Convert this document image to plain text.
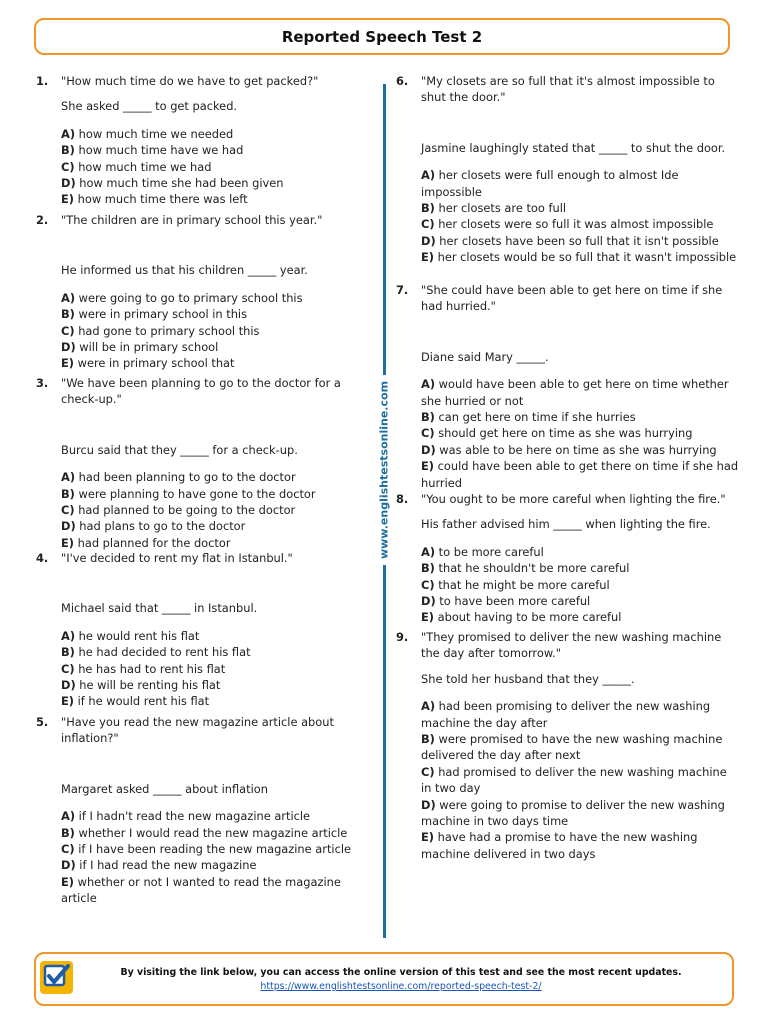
Reported Speech Test 2
www.englishtestsonline.com
1.	"How much time do we have to get packed?"

She asked _____ to get packed.

A) how much time we needed

B) how much time have we had

C) how much time we had

D) how much time she had been given

E) how much time there was left

2.	"The children are in primary school this year."

He informed us that his children _____ year.

A) were going to go to primary school this

B) were in primary school in this

C) had gone to primary school this

D) will be in primary school

E) were in primary school that

3.	"We have been planning to go to the doctor for a check-up."

Burcu said that they _____ for a check-up.

A) had been planning to go to the doctor

B) were planning to have gone to the doctor

C) had planned to be going to the doctor

D) had plans to go to the doctor

E) had planned for the doctor

4.	"I've decided to rent my flat in Istanbul."

Michael said that _____ in Istanbul.

A) he would rent his flat

B) he had decided to rent his flat

C) he has had to rent his flat

D) he will be renting his flat

E) if he would rent his flat

5.	"Have you read the new magazine article about inflation?"

Margaret asked _____ about inflation

A) if I hadn't read the new magazine article

B) whether I would read the new magazine article

C) if I have been reading the new magazine article

D) if I had read the new magazine

E) whether or not I wanted to read the magazine article

6.	"My closets are so full that it's almost impossible to shut the door."

Jasmine laughingly stated that _____ to shut the door.

A) her closets were full enough to almost Ide impossible

B) her closets are too full

C) her closets were so full it was almost impossible

D) her closets have been so full that it isn't possible

E) her closets would be so full that it wasn't impossible

7.	"She could have been able to get here on time if she had hurried."

Diane said Mary _____.

A) would have been able to get here on time whether she hurried or not

B) can get here on time if she hurries

C) should get here on time as she was hurrying

D) was able to be here on time as she was hurrying

E) could have been able to get there on time if she had hurried

8.	"You ought to be more careful when lighting the fire."

His father advised him _____ when lighting the fire.

A) to be more careful

B) that he shouldn't be more careful

C) that he might be more careful

D) to have been more careful

E) about having to be more careful

9.	"They promised to deliver the new washing machine the day after tomorrow."

She told her husband that they _____.

A) had been promising to deliver the new washing machine the day after

B) were promised to have the new washing machine delivered the day after next

C) had promised to deliver the new washing machine in two day

D) were going to promise to deliver the new washing machine in two days time

E) have had a promise to have the new washing machine delivered in two days

By visiting the link below, you can access the online version of this test and see the most recent updates.
https://www.englishtestsonline.com/reported-speech-test-2/
